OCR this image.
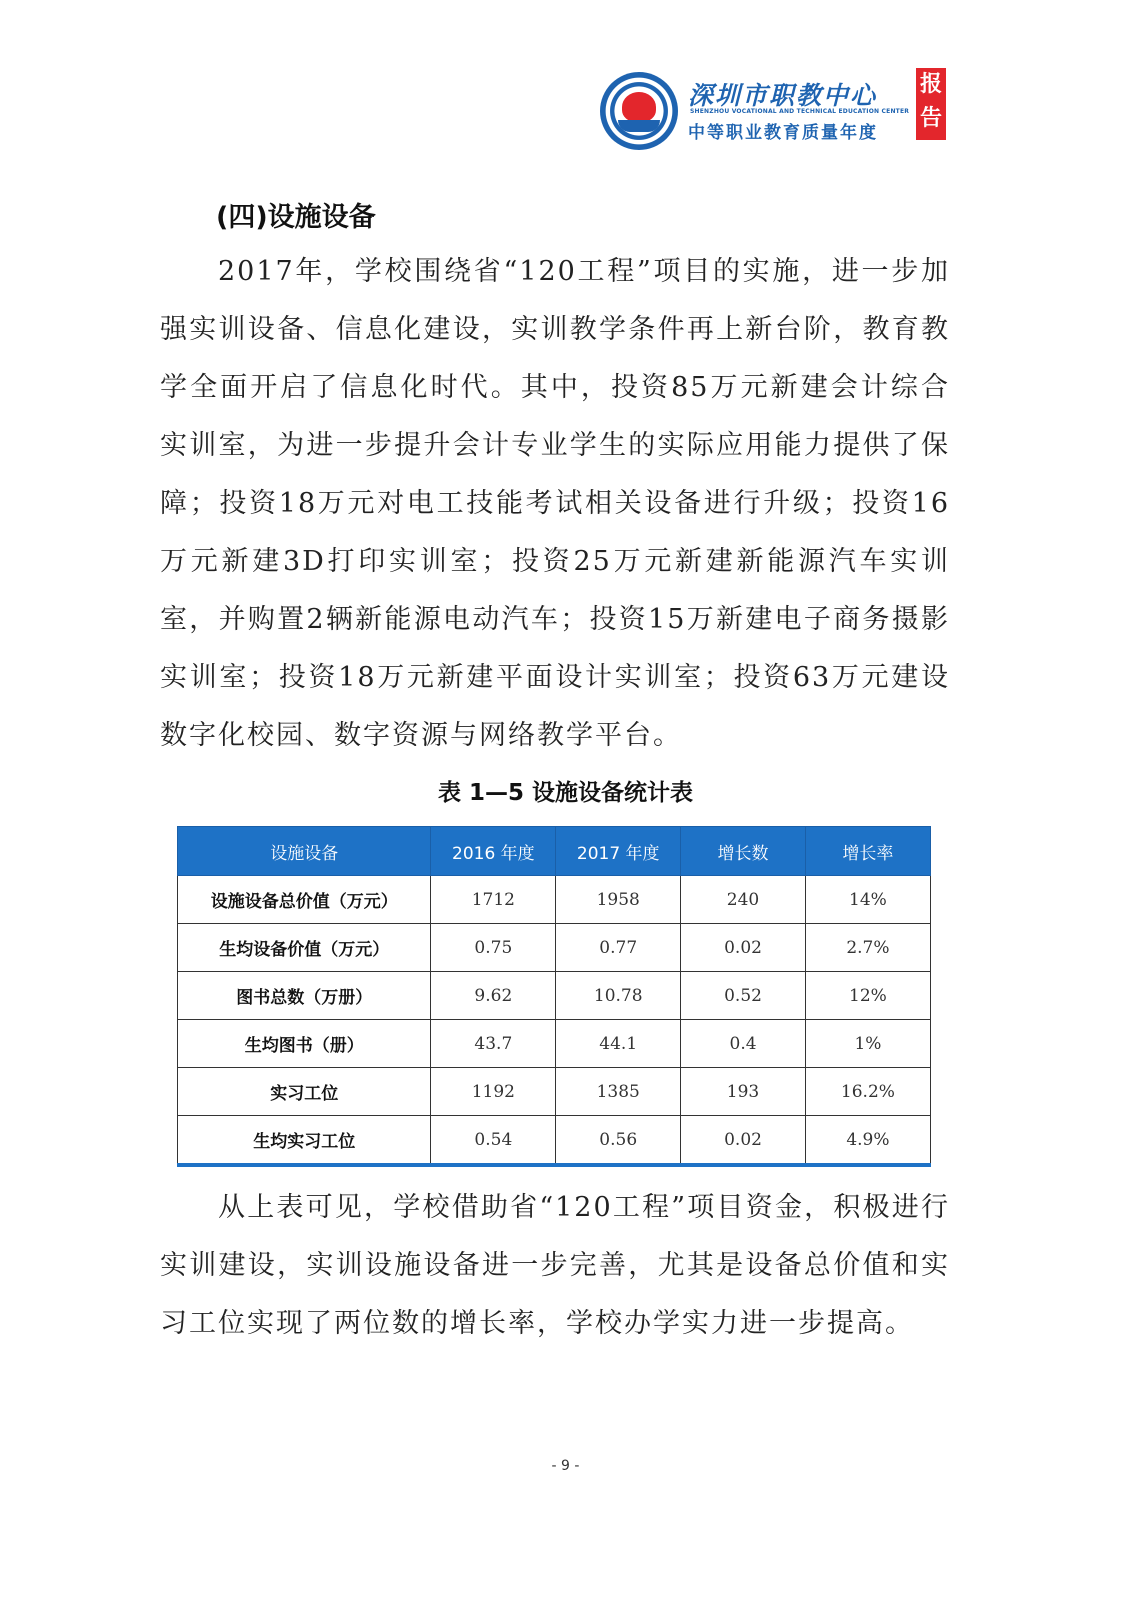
深圳市职教中心
SHENZHOU VOCATIONAL AND TECHNICAL EDUCATION CENTER
中等职业教育质量年度
报
告
(四)设施设备
2017年，学校围绕省“120工程”项目的实施，进一步加强实训设备、信息化建设，实训教学条件再上新台阶，教育教学全面开启了信息化时代。其中，投资85万元新建会计综合实训室，为进一步提升会计专业学生的实际应用能力提供了保障；投资18万元对电工技能考试相关设备进行升级；投资16万元新建3D打印实训室；投资25万元新建新能源汽车实训室，并购置2辆新能源电动汽车；投资15万新建电子商务摄影实训室；投资18万元新建平面设计实训室；投资63万元建设数字化校园、数字资源与网络教学平台。
表 1—5 设施设备统计表
设施设备	2016 年度	2017 年度	增长数	增长率
设施设备总价值（万元）	1712	1958	240	14%
生均设备价值（万元）	0.75	0.77	0.02	2.7%
图书总数（万册）	9.62	10.78	0.52	12%
生均图书（册）	43.7	44.1	0.4	1%
实习工位	1192	1385	193	16.2%
生均实习工位	0.54	0.56	0.02	4.9%
从上表可见，学校借助省“120工程”项目资金，积极进行实训建设，实训设施设备进一步完善，尤其是设备总价值和实习工位实现了两位数的增长率，学校办学实力进一步提高。
- 9 -
